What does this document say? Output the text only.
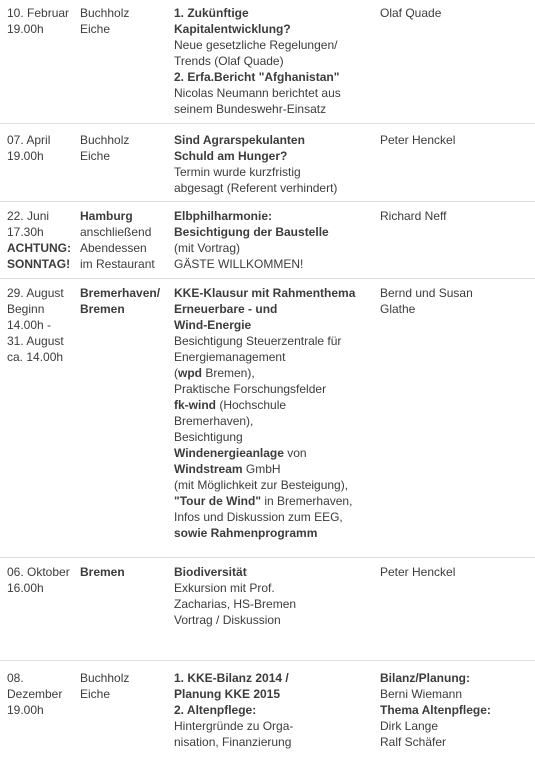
10. Februar
19.00h
Buchholz
Eiche
1. Zukünftige
Kapitalentwicklung?
Neue gesetzliche Regelungen/
Trends (Olaf Quade)
2. Erfa.Bericht "Afghanistan"
Nicolas Neumann berichtet aus
seinem Bundeswehr-Einsatz
Olaf Quade
07. April
19.00h
Buchholz
Eiche
Sind Agrarspekulanten
Schuld am Hunger?
Termin wurde kurzfristig
abgesagt (Referent verhindert)
Peter Henckel
22. Juni
17.30h
ACHTUNG:
SONNTAG!
Hamburg
anschließend
Abendessen
im Restaurant
Elbphilharmonie:
Besichtigung der Baustelle
(mit Vortrag)
GÄSTE WILLKOMMEN!
Richard Neff
29. August
Beginn
14.00h -
31. August
ca. 14.00h
Bremerhaven/
Bremen
KKE-Klausur mit Rahmenthema
Erneuerbare - und
Wind-Energie
Besichtigung Steuerzentrale für
Energiemanagement
(wpd Bremen),
Praktische Forschungsfelder
fk-wind (Hochschule
Bremerhaven),
Besichtigung
Windenergieanlage von
Windstream GmbH
(mit Möglichkeit zur Besteigung),
"Tour de Wind" in Bremerhaven,
Infos und Diskussion zum EEG,
sowie Rahmenprogramm
Bernd und Susan
Glathe
06. Oktober
16.00h
Bremen	Biodiversität
Exkursion mit Prof.
Zacharias, HS-Bremen
Vortrag / Diskussion
Peter Henckel
08.
Dezember
19.00h
Buchholz
Eiche
1. KKE-Bilanz 2014 /
Planung KKE 2015
2. Altenpflege:
Hintergründe zu Orga-
nisation, Finanzierung
Bilanz/Planung:
Berni Wiemann
Thema Altenpflege:
Dirk Lange
Ralf Schäfer
